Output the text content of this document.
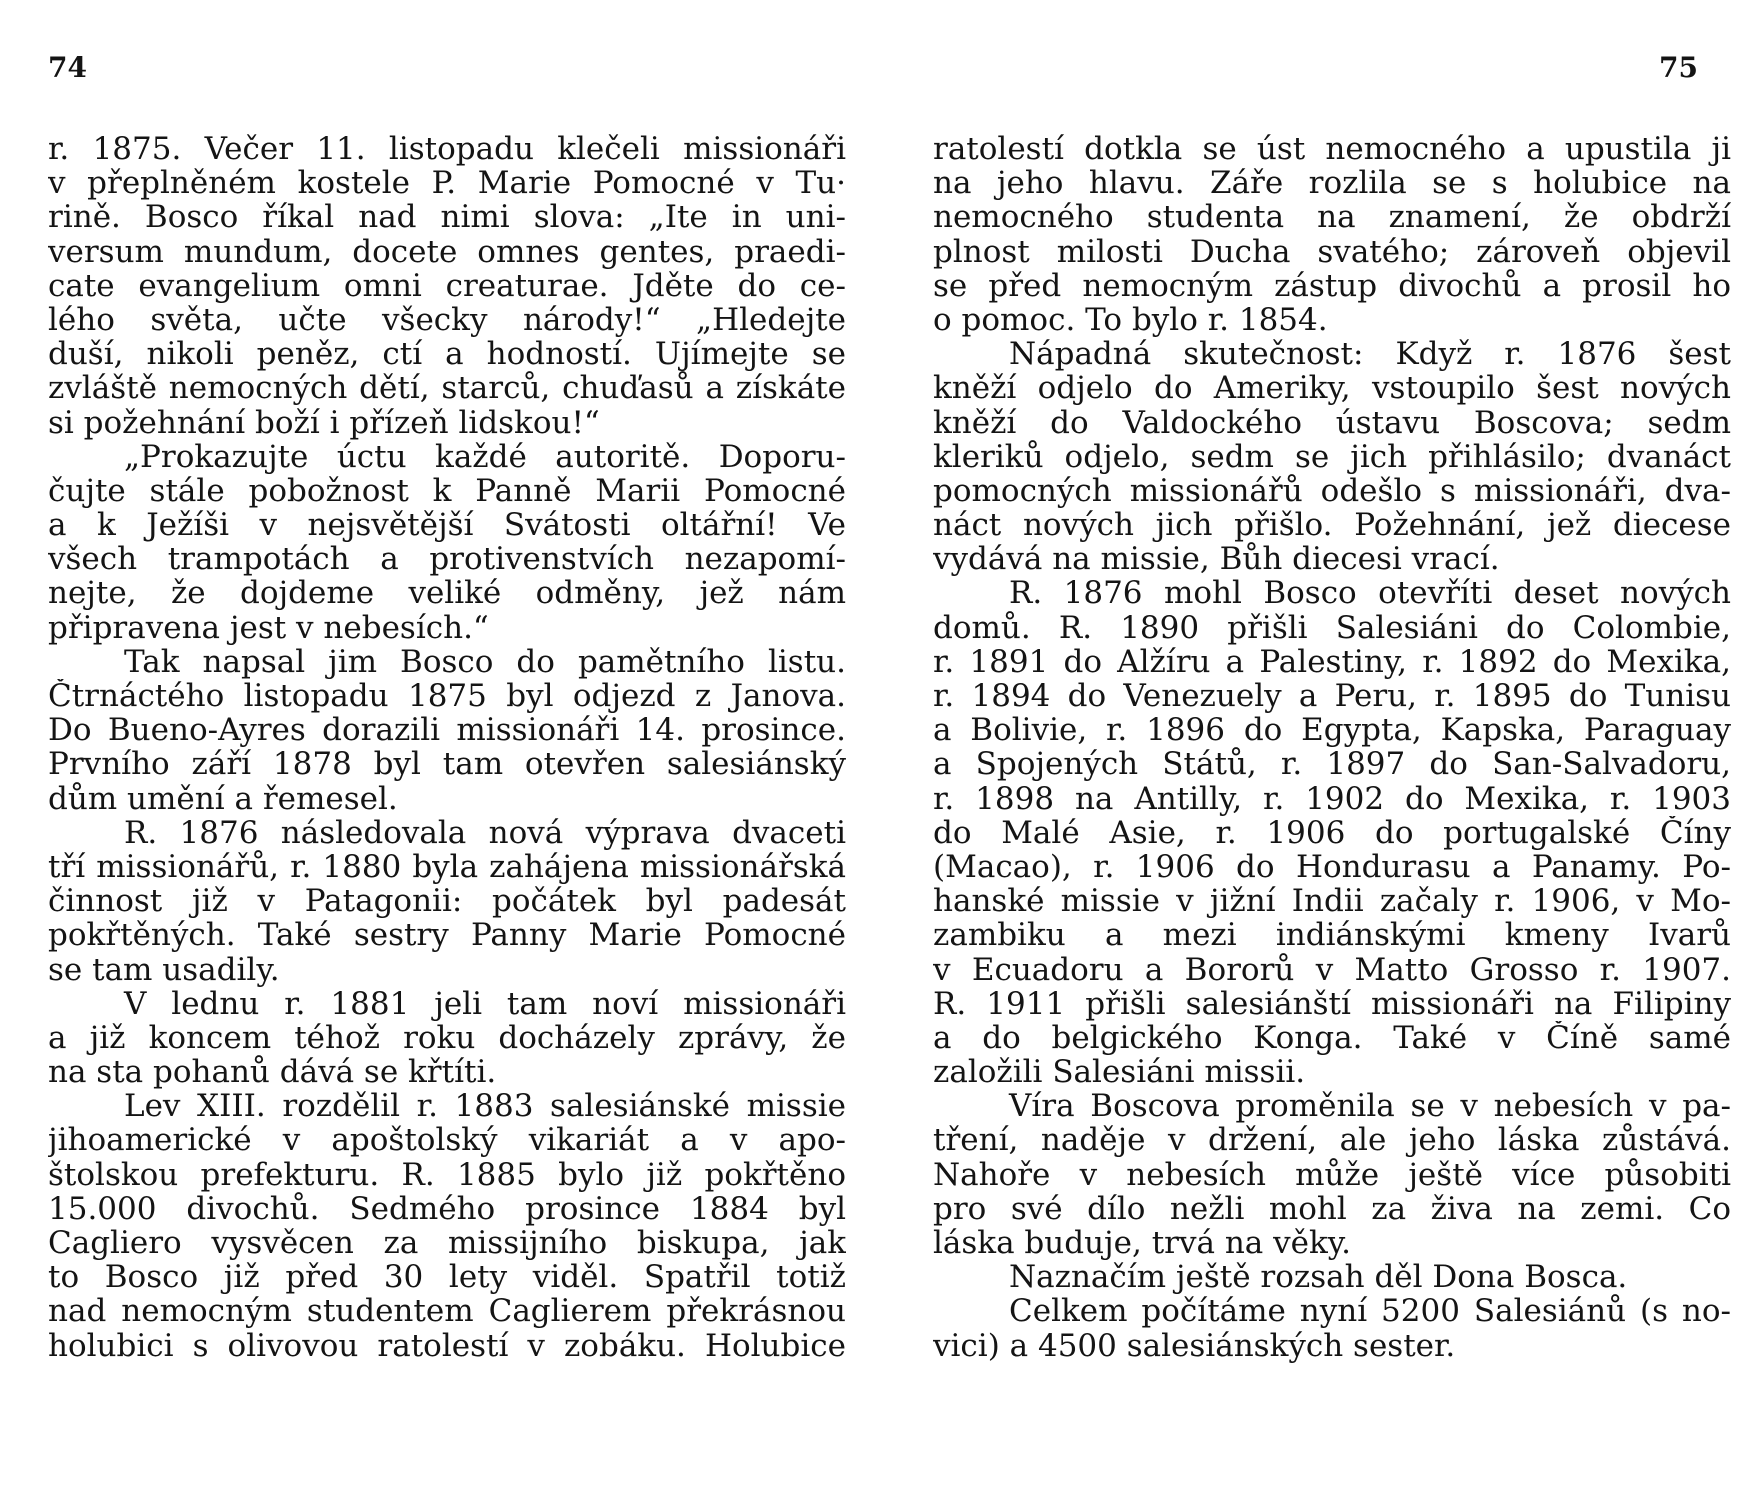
74
r. 1875. Večer 11. listopadu klečeli missionáři
v přeplněném kostele P. Marie Pomocné v Tu·
rině. Bosco říkal nad nimi slova: „Ite in uni-
versum mundum, docete omnes gentes, praedi-
cate evangelium omni creaturae. Jděte do ce-
lého světa, učte všecky národy!“ „Hledejte
duší, nikoli peněz, ctí a hodností. Ujímejte se
zvláště nemocných dětí, starců, chuďasů a získáte
si požehnání boží i přízeň lidskou!“
„Prokazujte úctu každé autoritě. Doporu-
čujte stále pobožnost k Panně Marii Pomocné
a k Ježíši v nejsvětější Svátosti oltářní! Ve
všech trampotách a protivenstvích nezapomí-
nejte, že dojdeme veliké odměny, jež nám
připravena jest v nebesích.“
Tak napsal jim Bosco do pamětního listu.
Čtrnáctého listopadu 1875 byl odjezd z Janova.
Do Bueno-Ayres dorazili missionáři 14. prosince.
Prvního září 1878 byl tam otevřen salesiánský
dům umění a řemesel.
R. 1876 následovala nová výprava dvaceti
tří missionářů, r. 1880 byla zahájena missionářská
činnost již v Patagonii: počátek byl padesát
pokřtěných. Také sestry Panny Marie Pomocné
se tam usadily.
V lednu r. 1881 jeli tam noví missionáři
a již koncem téhož roku docházely zprávy, že
na sta pohanů dává se křtíti.
Lev XIII. rozdělil r. 1883 salesiánské missie
jihoamerické v apoštolský vikariát a v apo-
štolskou prefekturu. R. 1885 bylo již pokřtěno
15.000 divochů. Sedmého prosince 1884 byl
Cagliero vysvěcen za missijního biskupa, jak
to Bosco již před 30 lety viděl. Spatřil totiž
nad nemocným studentem Caglierem překrásnou
holubici s olivovou ratolestí v zobáku. Holubice
75
ratolestí dotkla se úst nemocného a upustila ji
na jeho hlavu. Záře rozlila se s holubice na
nemocného studenta na znamení, že obdrží
plnost milosti Ducha svatého; zároveň objevil
se před nemocným zástup divochů a prosil ho
o pomoc. To bylo r. 1854.
Nápadná skutečnost: Když r. 1876 šest
kněží odjelo do Ameriky, vstoupilo šest nových
kněží do Valdockého ústavu Boscova; sedm
kleriků odjelo, sedm se jich přihlásilo; dvanáct
pomocných missionářů odešlo s missionáři, dva-
náct nových jich přišlo. Požehnání, jež diecese
vydává na missie, Bůh diecesi vrací.
R. 1876 mohl Bosco otevříti deset nových
domů. R. 1890 přišli Salesiáni do Colombie,
r. 1891 do Alžíru a Palestiny, r. 1892 do Mexika,
r. 1894 do Venezuely a Peru, r. 1895 do Tunisu
a Bolivie, r. 1896 do Egypta, Kapska, Paraguay
a Spojených Států, r. 1897 do San-Salvadoru,
r. 1898 na Antilly, r. 1902 do Mexika, r. 1903
do Malé Asie, r. 1906 do portugalské Číny
(Macao), r. 1906 do Hondurasu a Panamy. Po-
hanské missie v jižní Indii začaly r. 1906, v Mo-
zambiku a mezi indiánskými kmeny Ivarů
v Ecuadoru a Bororů v Matto Grosso r. 1907.
R. 1911 přišli salesiánští missionáři na Filipiny
a do belgického Konga. Také v Číně samé
založili Salesiáni missii.
Víra Boscova proměnila se v nebesích v pa-
tření, naděje v držení, ale jeho láska zůstává.
Nahoře v nebesích může ještě více působiti
pro své dílo nežli mohl za živa na zemi. Co
láska buduje, trvá na věky.
Naznačím ještě rozsah děl Dona Bosca.
Celkem počítáme nyní 5200 Salesiánů (s no-
vici) a 4500 salesiánských sester.
